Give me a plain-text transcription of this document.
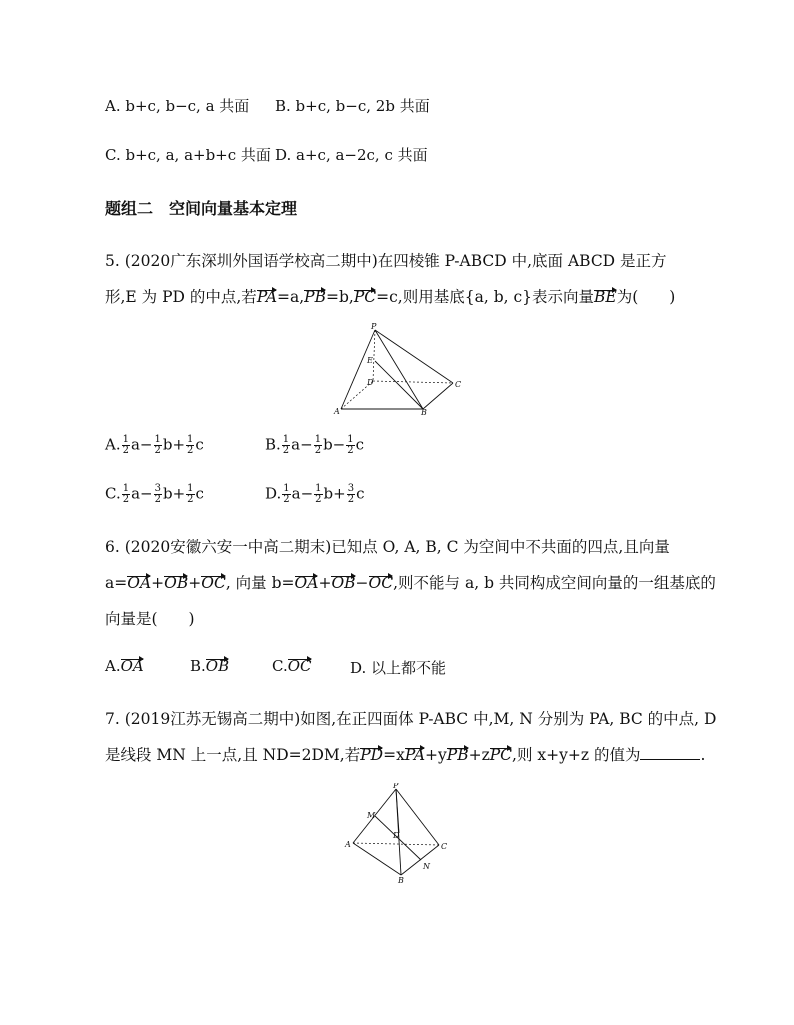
A. b+c, b−c, a 共面 B. b+c, b−c, 2b 共面
C. b+c, a, a+b+c 共面 D. a+c, a−2c, c 共面
题组二　空间向量基本定理
5. (2020广东深圳外国语学校高二期中)在四棱锥 P-ABCD 中,底面 ABCD 是正方
形,E 为 PD 的中点,若PA=a,PB=b,PC=c,则用基底{a, b, c}表示向量BE为(　　)
P
E
D	C
A	B
A. $\frac{1}{2} a- \frac{1}{2} b+ \frac{1}{2}$ c	B. $\frac{1}{2} a- \frac{1}{2} b- \frac{1}{2}$ c
C. $\frac{1}{2} a- \frac{3}{2} b+ \frac{1}{2}$ c	D. $\frac{1}{2} a- \frac{1}{2} b+ \frac{3}{2}$ c
6. (2020安徽六安一中高二期末)已知点 O, A, B, C 为空间中不共面的四点,且向量
a=OA+OB+OC, 向量 b=OA+OB−OC,则不能与 a, b 共同构成空间向量的一组基底的
向量是(　　)
A.OA	B.OB	C.OC	D. 以上都不能
7. (2019江苏无锡高二期中)如图,在正四面体 P-ABC 中,M, N 分别为 PA, BC 的中点, D
是线段 MN 上一点,且 ND=2DM,若PD=xPA+yPB+zPC,则 x+y+z 的值为	.
P
M
D
A	C
N
B
